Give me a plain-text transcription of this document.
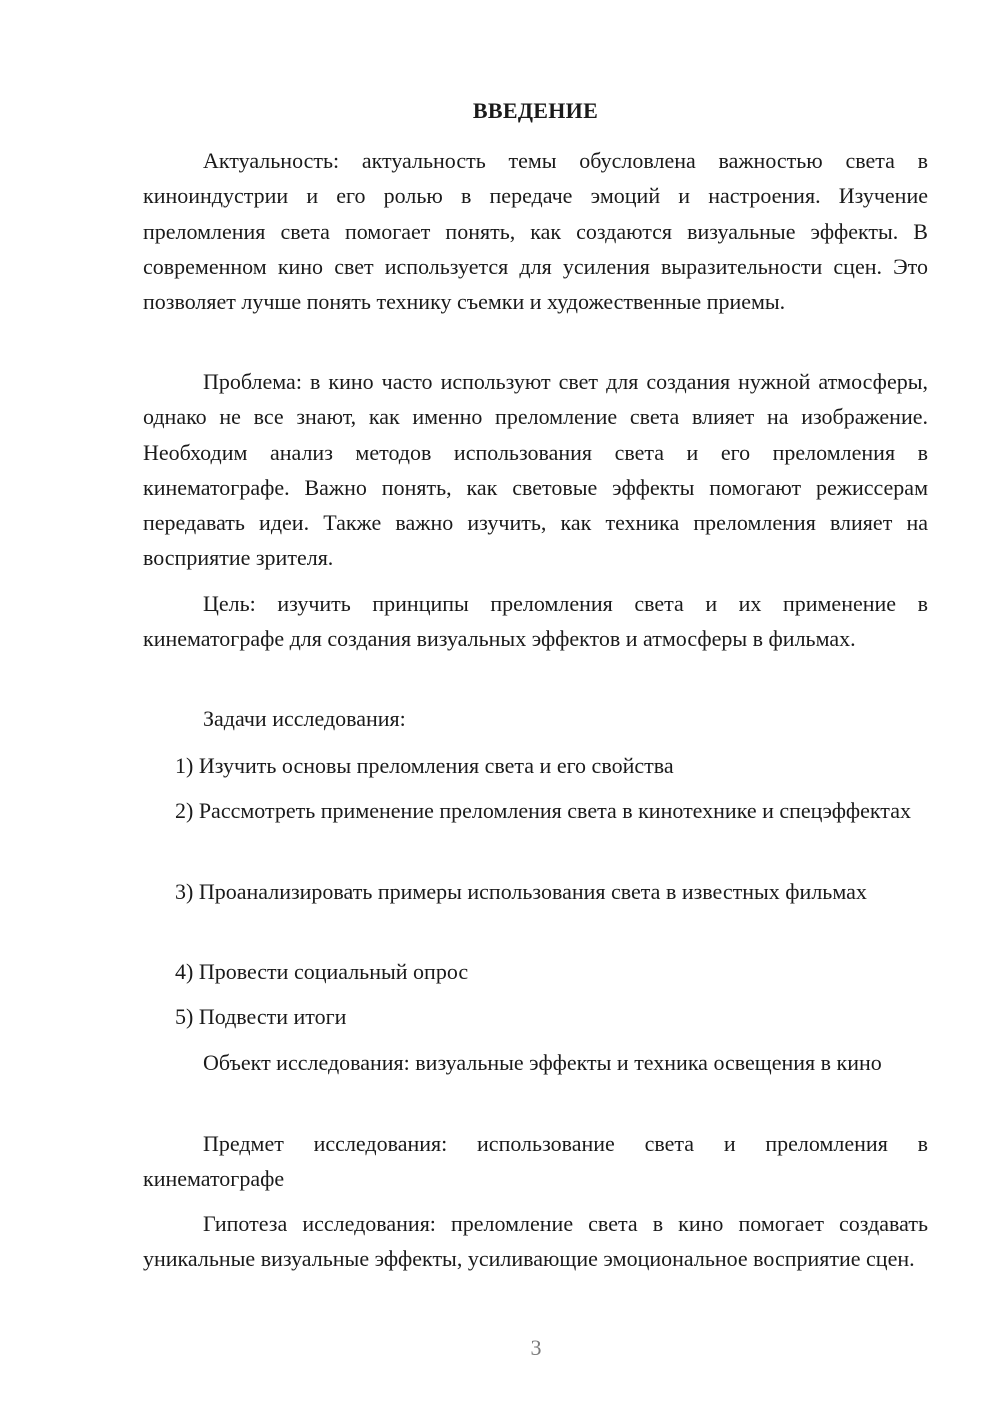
ВВЕДЕНИЕ

Актуальность: актуальность темы обусловлена важностью света в киноиндустрии и его ролью в передаче эмоций и настроения. Изучение преломления света помогает понять, как создаются визуальные эффекты. В современном кино свет используется для усиления выразительности сцен. Это позволяет лучше понять технику съемки и художественные приемы.

Проблема: в кино часто используют свет для создания нужной атмосферы, однако не все знают, как именно преломление света влияет на изображение. Необходим анализ методов использования света и его преломления в кинематографе. Важно понять, как световые эффекты помогают режиссерам передавать идеи. Также важно изучить, как техника преломления влияет на восприятие зрителя.

Цель: изучить принципы преломления света и их применение в кинематографе для создания визуальных эффектов и атмосферы в фильмах.

Задачи исследования:

1) Изучить основы преломления света и его свойства

2) Рассмотреть применение преломления света в кинотехнике и спецэффектах

3) Проанализировать примеры использования света в известных фильмах

4) Провести социальный опрос

5) Подвести итоги

Объект исследования: визуальные эффекты и техника освещения в кино

Предмет исследования: использование света и преломления в кинематографе

Гипотеза исследования: преломление света в кино помогает создавать уникальные визуальные эффекты, усиливающие эмоциональное восприятие сцен.

3
